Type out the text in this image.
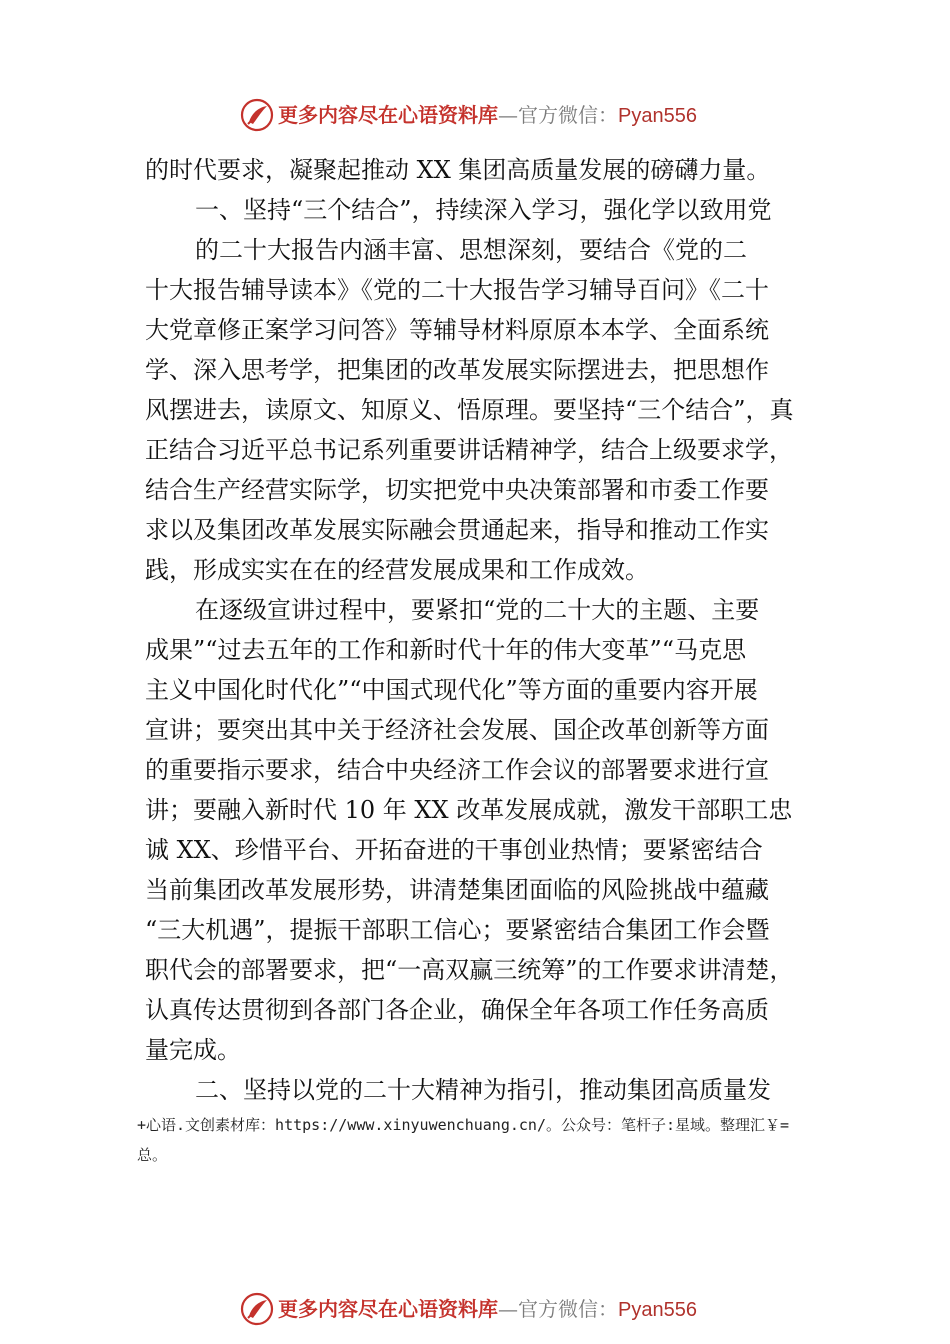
更多内容尽在心语资料库—官方微信：Pyan556
的时代要求，凝聚起推动 XX 集团高质量发展的磅礴力量。
一、坚持“三个结合”，持续深入学习，强化学以致用党
的二十大报告内涵丰富、思想深刻，要结合《党的二
十大报告辅导读本》《党的二十大报告学习辅导百问》《二十
大党章修正案学习问答》等辅导材料原原本本学、全面系统
学、深入思考学，把集团的改革发展实际摆进去，把思想作
风摆进去，读原文、知原义、悟原理。要坚持“三个结合”，真
正结合习近平总书记系列重要讲话精神学，结合上级要求学，
结合生产经营实际学，切实把党中央决策部署和市委工作要
求以及集团改革发展实际融会贯通起来，指导和推动工作实
践，形成实实在在的经营发展成果和工作成效。
在逐级宣讲过程中，要紧扣“党的二十大的主题、主要
成果”“过去五年的工作和新时代十年的伟大变革”“马克思
主义中国化时代化”“中国式现代化”等方面的重要内容开展
宣讲；要突出其中关于经济社会发展、国企改革创新等方面
的重要指示要求，结合中央经济工作会议的部署要求进行宣
讲；要融入新时代 10 年 XX 改革发展成就，激发干部职工忠
诚 XX、珍惜平台、开拓奋进的干事创业热情；要紧密结合
当前集团改革发展形势，讲清楚集团面临的风险挑战中蕴藏
“三大机遇”，提振干部职工信心；要紧密结合集团工作会暨
职代会的部署要求，把“一高双赢三统筹”的工作要求讲清楚，
认真传达贯彻到各部门各企业，确保全年各项工作任务高质
量完成。
二、坚持以党的二十大精神为指引，推动集团高质量发
+心语.文创素材库：https://www.xinyuwenchuang.cn/。公众号：笔杆子:星域。整理汇￥=
总。
更多内容尽在心语资料库—官方微信：Pyan556
